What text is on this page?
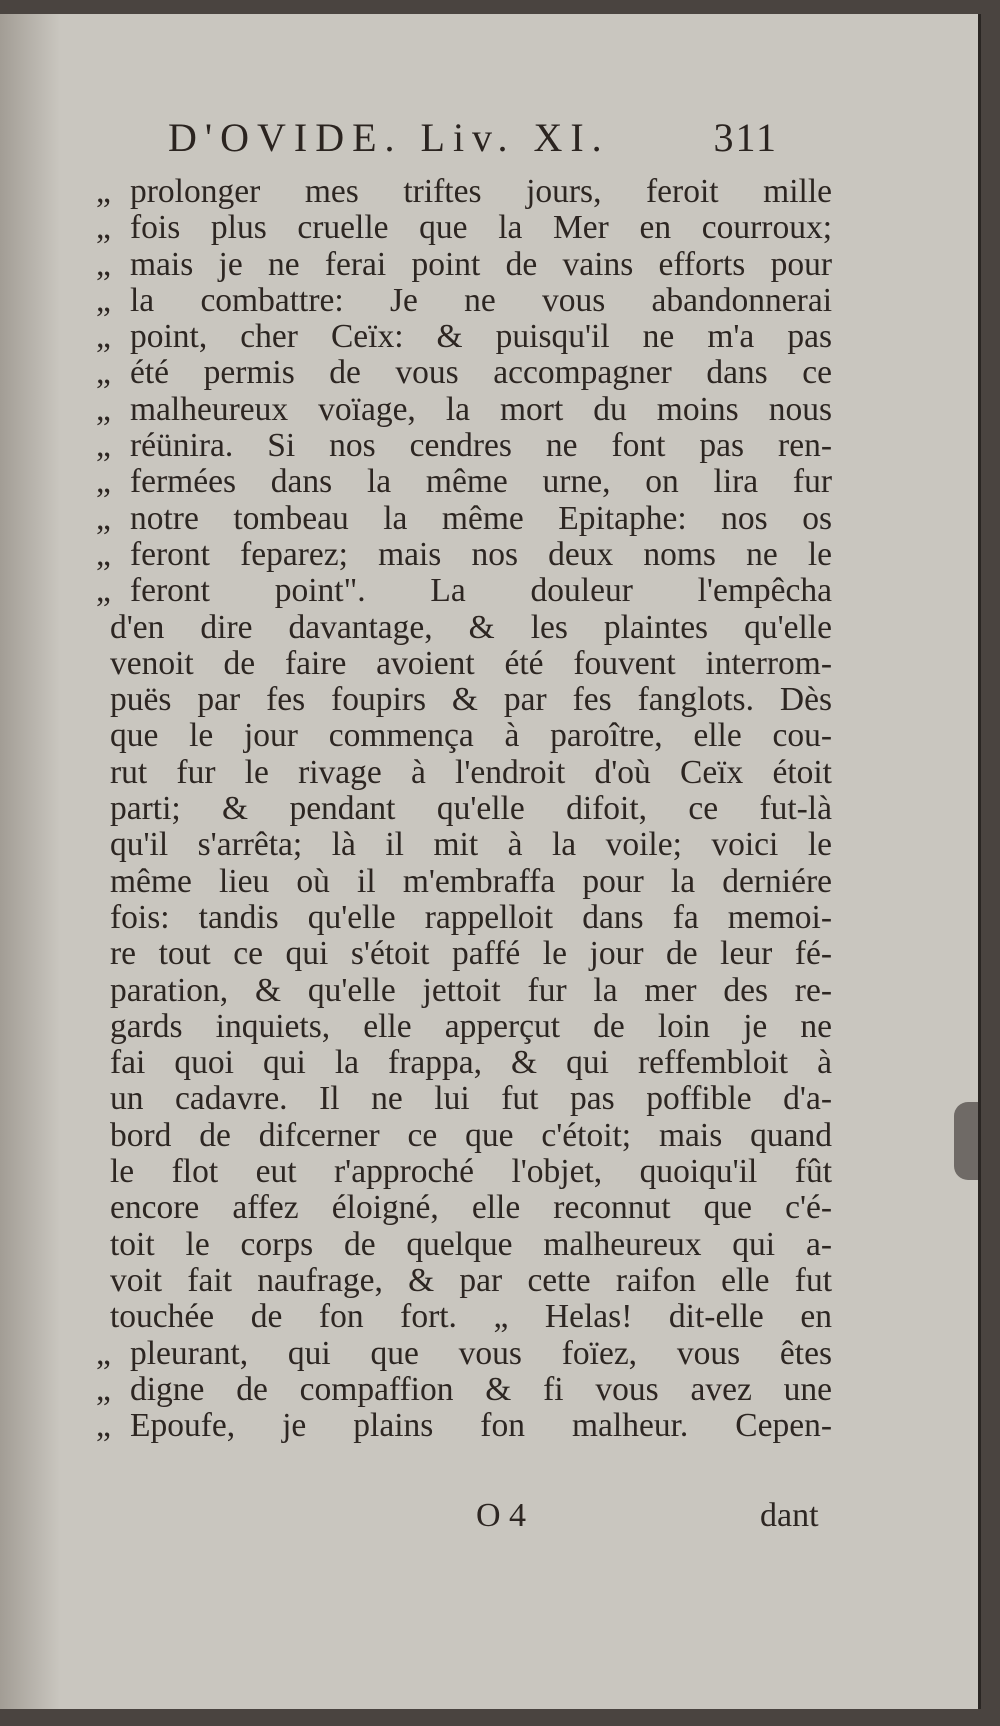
D'OVIDE. Liv. XI.	311
„ prolonger mes triftes jours, feroit mille
„ fois plus cruelle que la Mer en courroux;
„ mais je ne ferai point de vains efforts pour
„ la combattre: Je ne vous abandonnerai
„ point, cher Ceïx: & puisqu'il ne m'a pas
„ été permis de vous accompagner dans ce
„ malheureux voïage, la mort du moins nous
„ réünira. Si nos cendres ne font pas ren-
„ fermées dans la même urne, on lira fur
„ notre tombeau la même Epitaphe: nos os
„ feront feparez; mais nos deux noms ne le
„ feront point". La douleur l'empêcha
d'en dire davantage, & les plaintes qu'elle
venoit de faire avoient été fouvent interrom-
puës par fes foupirs & par fes fanglots. Dès
que le jour commença à paroître, elle cou-
rut fur le rivage à l'endroit d'où Ceïx étoit
parti; & pendant qu'elle difoit, ce fut-là
qu'il s'arrêta; là il mit à la voile; voici le
même lieu où il m'embraffa pour la derniére
fois: tandis qu'elle rappelloit dans fa memoi-
re tout ce qui s'étoit paffé le jour de leur fé-
paration, & qu'elle jettoit fur la mer des re-
gards inquiets, elle apperçut de loin je ne
fai quoi qui la frappa, & qui reffembloit à
un cadavre. Il ne lui fut pas poffible d'a-
bord de difcerner ce que c'étoit; mais quand
le flot eut r'approché l'objet, quoiqu'il fût
encore affez éloigné, elle reconnut que c'é-
toit le corps de quelque malheureux qui a-
voit fait naufrage, & par cette raifon elle fut
touchée de fon fort. „ Helas! dit-elle en
„ pleurant, qui que vous foïez, vous êtes
„ digne de compaffion & fi vous avez une
„ Epoufe, je plains fon malheur. Cepen-
O 4	dant
